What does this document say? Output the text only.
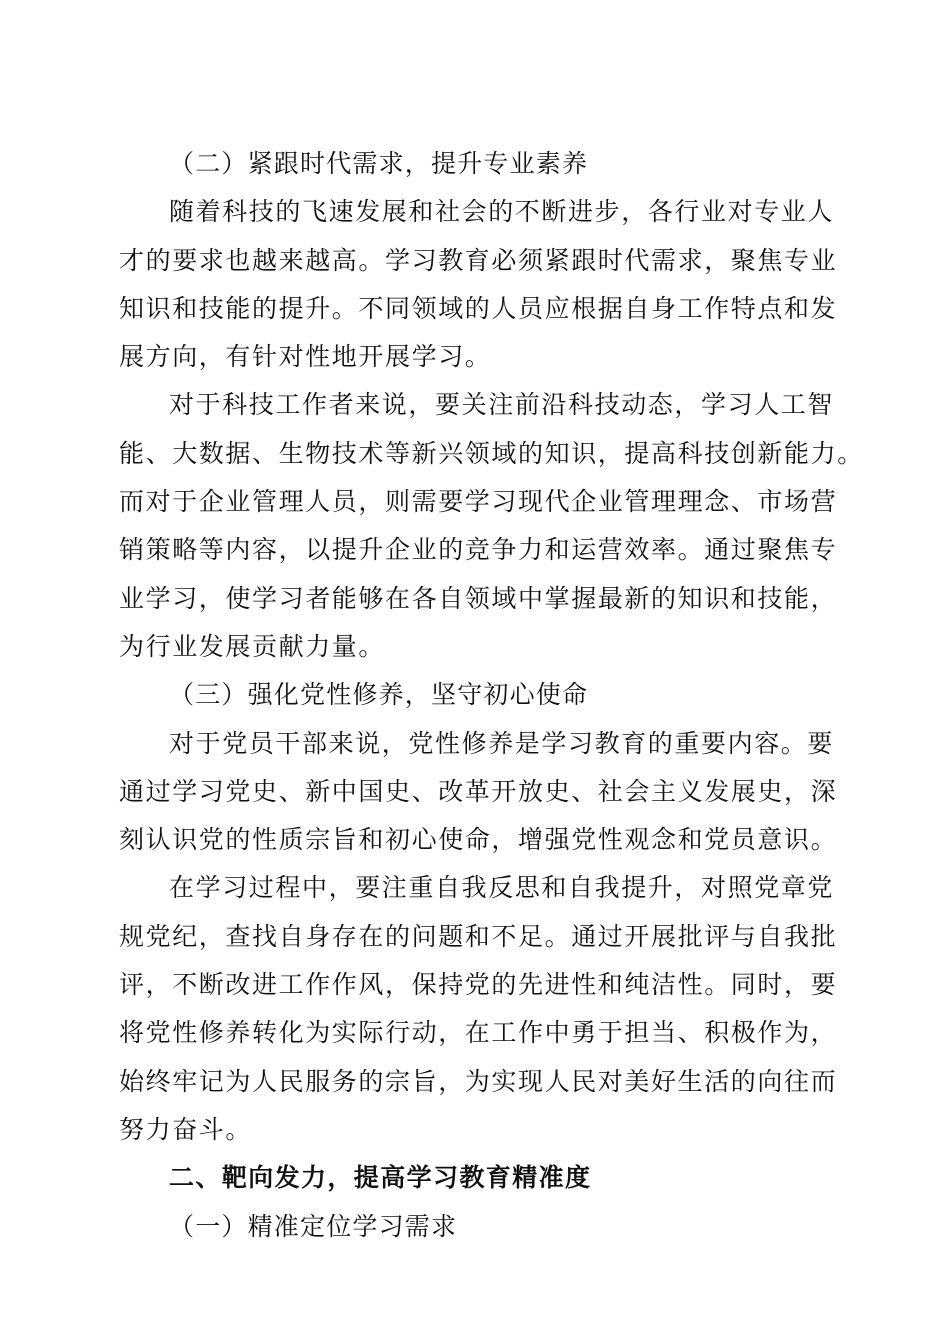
（二）紧跟时代需求，提升专业素养
随着科技的飞速发展和社会的不断进步，各行业对专业人
才的要求也越来越高。学习教育必须紧跟时代需求，聚焦专业
知识和技能的提升。不同领域的人员应根据自身工作特点和发
展方向，有针对性地开展学习。
对于科技工作者来说，要关注前沿科技动态，学习人工智
能、大数据、生物技术等新兴领域的知识，提高科技创新能力。
而对于企业管理人员，则需要学习现代企业管理理念、市场营
销策略等内容，以提升企业的竞争力和运营效率。通过聚焦专
业学习，使学习者能够在各自领域中掌握最新的知识和技能，
为行业发展贡献力量。
（三）强化党性修养，坚守初心使命
对于党员干部来说，党性修养是学习教育的重要内容。要
通过学习党史、新中国史、改革开放史、社会主义发展史，深
刻认识党的性质宗旨和初心使命，增强党性观念和党员意识。
在学习过程中，要注重自我反思和自我提升，对照党章党
规党纪，查找自身存在的问题和不足。通过开展批评与自我批
评，不断改进工作作风，保持党的先进性和纯洁性。同时，要
将党性修养转化为实际行动，在工作中勇于担当、积极作为，
始终牢记为人民服务的宗旨，为实现人民对美好生活的向往而
努力奋斗。
二、靶向发力，提高学习教育精准度
（一）精准定位学习需求
